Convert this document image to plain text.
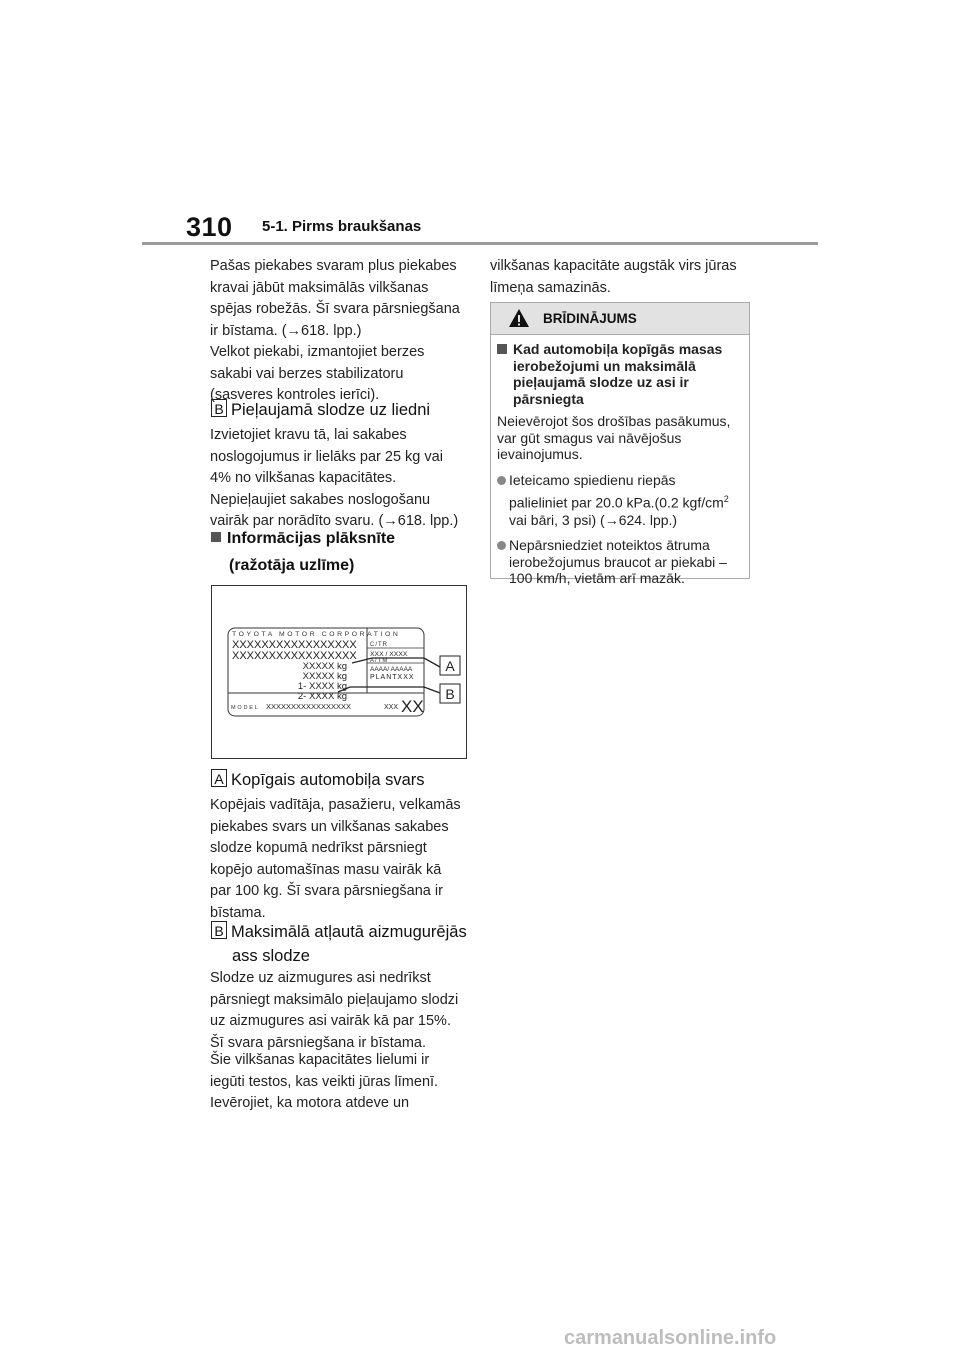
310 5-1. Pirms braukšanas
Pašas piekabes svaram plus piekabes
kravai jābūt maksimālās vilkšanas
spējas robežās. Šī svara pārsniegšana
ir bīstama. (→618. lpp.)
Velkot piekabi, izmantojiet berzes
sakabi vai berzes stabilizatoru
(sasveres kontroles ierīci).
B Pieļaujamā slodze uz liedni
Izvietojiet kravu tā, lai sakabes
noslogojumus ir lielāks par 25 kg vai
4% no vilkšanas kapacitātes.
Nepieļaujiet sakabes noslogošanu
vairāk par norādīto svaru. (→618. lpp.)
Informācijas plāksnīte
(ražotāja uzlīme)
TOYOTA MOTOR CORPORATION
XXXXXXXXXXXXXXXXX
XXXXXXXXXXXXXXXXX
XXXXX kg
XXXXX kg
1- XXXX kg
2- XXXX kg
C/TR
XXX / XXXX
A/TM
AAAA/ AAAAA
PLANTXXX
MODEL XXXXXXXXXXXXXXXXX	XXX XX
A
B
A Kopīgais automobiļa svars
Kopējais vadītāja, pasažieru, velkamās
piekabes svars un vilkšanas sakabes
slodze kopumā nedrīkst pārsniegt
kopējo automašīnas masu vairāk kā
par 100 kg. Šī svara pārsniegšana ir
bīstama.
B Maksimālā atļautā aizmugurējās
ass slodze
Slodze uz aizmugures asi nedrīkst
pārsniegt maksimālo pieļaujamo slodzi
uz aizmugures asi vairāk kā par 15%.
Šī svara pārsniegšana ir bīstama.
Šie vilkšanas kapacitātes lielumi ir
iegūti testos, kas veikti jūras līmenī.
Ievērojiet, ka motora atdeve un
vilkšanas kapacitāte augstāk virs jūras
līmeņa samazinās.
BRĪDINĀJUMS
Kad automobiļa kopīgās masas
ierobežojumi un maksimālā
pieļaujamā slodze uz asi ir
pārsniegta
Neievērojot šos drošības pasākumus,
var gūt smagus vai nāvējošus
ievainojumus.
Ieteicamo spiedienu riepās
palieliniet par 20.0 kPa.(0.2 kgf/$cm^2$
vai bāri, 3 psi) (→624. lpp.)
Nepārsniedziet noteiktos ātruma
ierobežojumus braucot ar piekabi –
100 km/h, vietām arī mazāk.
carmanualsonline.info
